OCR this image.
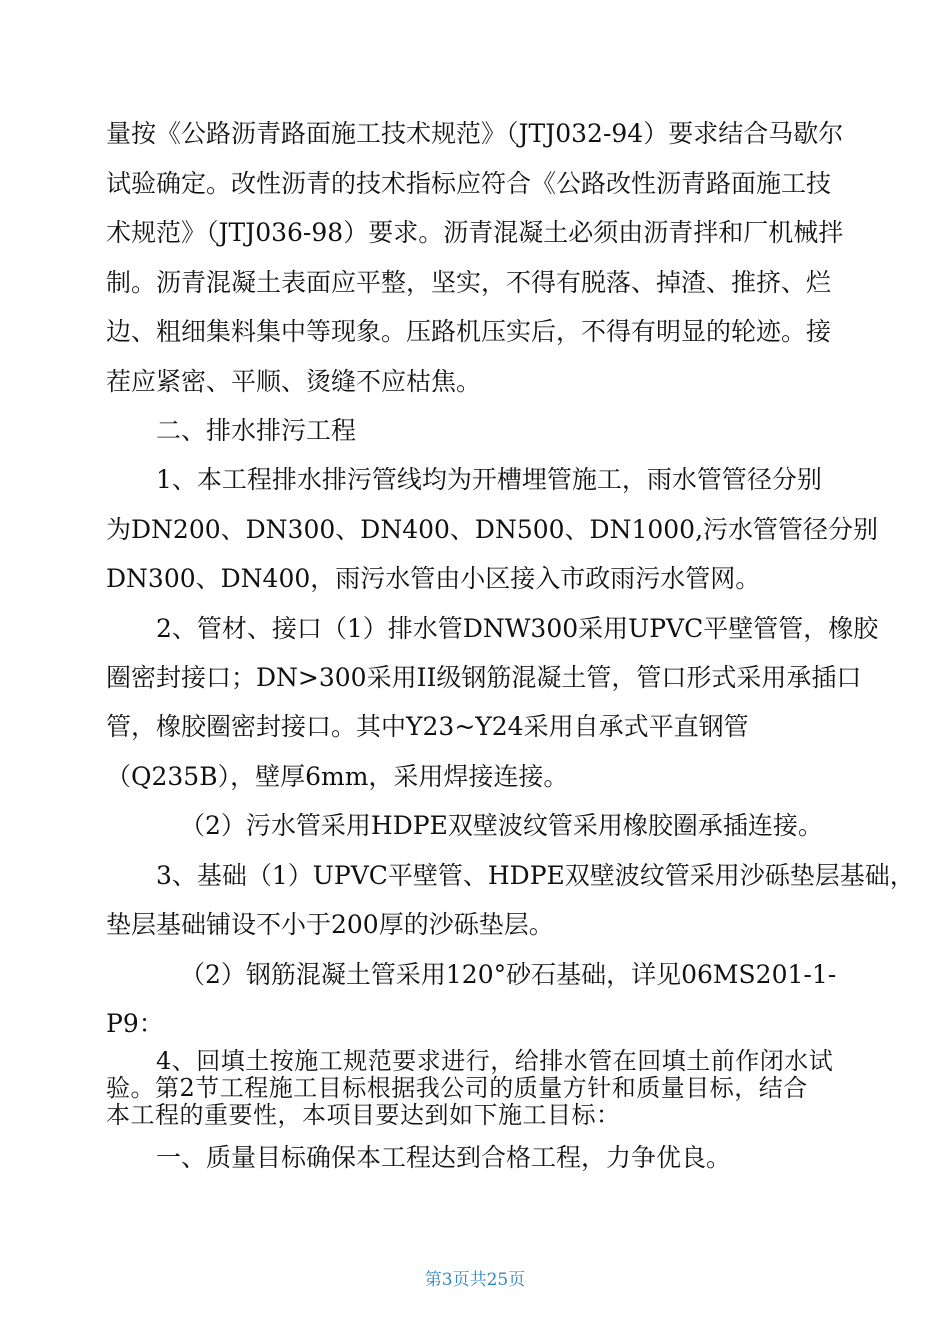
量按《公路沥青路面施工技术规范》（JTJ032-94）要求结合马歇尔
试验确定。改性沥青的技术指标应符合《公路改性沥青路面施工技
术规范》（JTJ036-98）要求。沥青混凝土必须由沥青拌和厂机械拌
制。沥青混凝土表面应平整，坚实，不得有脱落、掉渣、推挤、烂
边、粗细集料集中等现象。压路机压实后，不得有明显的轮迹。接
茬应紧密、平顺、烫缝不应枯焦。
二、排水排污工程
1、本工程排水排污管线均为开槽埋管施工，雨水管管径分别
为DN200、DN300、DN400、DN500、DN1000,污水管管径分别
DN300、DN400，雨污水管由小区接入市政雨污水管网。
2、管材、接口（1）排水管DNW300采用UPVC平壁管管，橡胶
圈密封接口；DN>300采用II级钢筋混凝土管，管口形式采用承插口
管，橡胶圈密封接口。其中Y23~Y24采用自承式平直钢管
（Q235B），壁厚6mm，采用焊接连接。
（2）污水管采用HDPE双壁波纹管采用橡胶圈承插连接。
3、基础（1）UPVC平壁管、HDPE双壁波纹管采用沙砾垫层基础，
垫层基础铺设不小于200厚的沙砾垫层。
（2）钢筋混凝土管采用120°砂石基础，详见06MS201-1-
P9：
4、回填土按施工规范要求进行，给排水管在回填土前作闭水试
验。第2节工程施工目标根据我公司的质量方针和质量目标，结合
本工程的重要性，本项目要达到如下施工目标：
一、质量目标确保本工程达到合格工程，力争优良。
第3页共25页
